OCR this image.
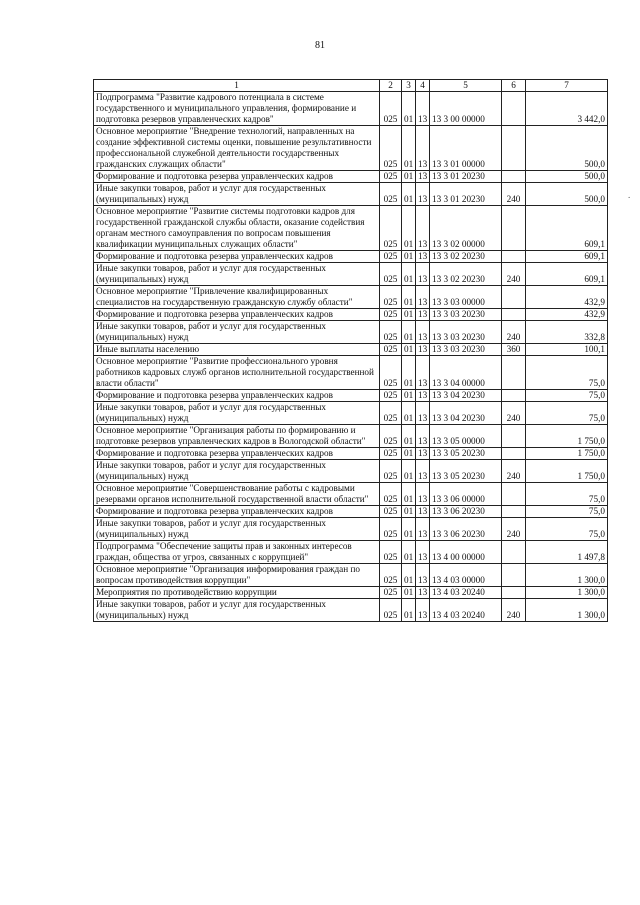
81
1	2	3	4	5	6	7
Подпрограмма "Развитие кадрового потенциала в системе государственного и муниципального управления, формирование и подготовка резервов управленческих кадров"	025	01	13	13 3 00 00000		3 442,0
Основное мероприятие "Внедрение технологий, направленных на создание эффективной системы оценки, повышение результативности профессиональной служебной деятельности государственных гражданских служащих области"	025	01	13	13 3 01 00000		500,0
Формирование и подготовка резерва управленческих кадров	025	01	13	13 3 01 20230		500,0
Иные закупки товаров, работ и услуг для государственных (муниципальных) нужд	025	01	13	13 3 01 20230	240	500,0
Основное мероприятие "Развитие системы подготовки кадров для государственной гражданской службы области, оказание содействия органам местного самоуправления по вопросам повышения квалификации муниципальных служащих области"	025	01	13	13 3 02 00000		609,1
Формирование и подготовка резерва управленческих кадров	025	01	13	13 3 02 20230		609,1
Иные закупки товаров, работ и услуг для государственных (муниципальных) нужд	025	01	13	13 3 02 20230	240	609,1
Основное мероприятие "Привлечение квалифицированных специалистов на государственную гражданскую службу области"	025	01	13	13 3 03 00000		432,9
Формирование и подготовка резерва управленческих кадров	025	01	13	13 3 03 20230		432,9
Иные закупки товаров, работ и услуг для государственных (муниципальных) нужд	025	01	13	13 3 03 20230	240	332,8
Иные выплаты населению	025	01	13	13 3 03 20230	360	100,1
Основное мероприятие "Развитие профессионального уровня работников кадровых служб органов исполнительной государственной власти области"	025	01	13	13 3 04 00000		75,0
Формирование и подготовка резерва управленческих кадров	025	01	13	13 3 04 20230		75,0
Иные закупки товаров, работ и услуг для государственных (муниципальных) нужд	025	01	13	13 3 04 20230	240	75,0
Основное мероприятие "Организация работы по формированию и подготовке резервов управленческих кадров в Вологодской области"	025	01	13	13 3 05 00000		1 750,0
Формирование и подготовка резерва управленческих кадров	025	01	13	13 3 05 20230		1 750,0
Иные закупки товаров, работ и услуг для государственных (муниципальных) нужд	025	01	13	13 3 05 20230	240	1 750,0
Основное мероприятие "Совершенствование работы с кадровыми резервами органов исполнительной государственной власти области"	025	01	13	13 3 06 00000		75,0
Формирование и подготовка резерва управленческих кадров	025	01	13	13 3 06 20230		75,0
Иные закупки товаров, работ и услуг для государственных (муниципальных) нужд	025	01	13	13 3 06 20230	240	75,0
Подпрограмма "Обеспечение защиты прав и законных интересов граждан, общества от угроз, связанных с коррупцией"	025	01	13	13 4 00 00000		1 497,8
Основное мероприятие "Организация информирования граждан по вопросам противодействия коррупции"	025	01	13	13 4 03 00000		1 300,0
Мероприятия по противодействию коррупции	025	01	13	13 4 03 20240		1 300,0
Иные закупки товаров, работ и услуг для государственных (муниципальных) нужд	025	01	13	13 4 03 20240	240	1 300,0
.
